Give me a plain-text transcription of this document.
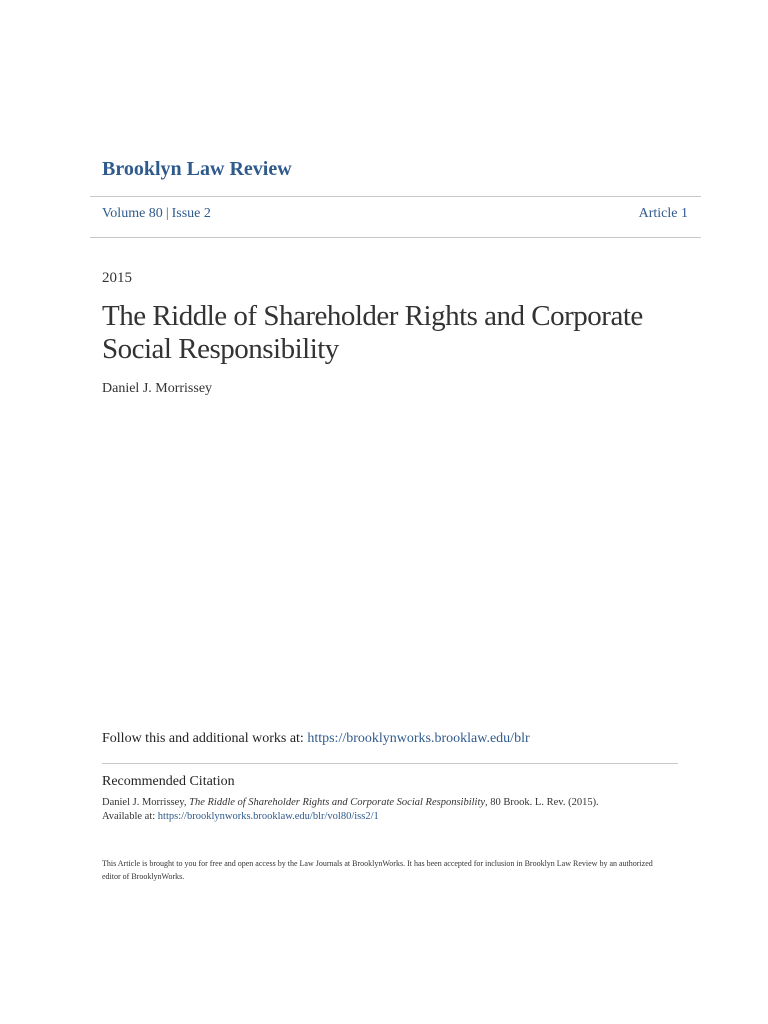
Brooklyn Law Review
Volume 80 | Issue 2	Article 1
2015
The Riddle of Shareholder Rights and Corporate Social Responsibility
Daniel J. Morrissey
Follow this and additional works at: https://brooklynworks.brooklaw.edu/blr
Recommended Citation
Daniel J. Morrissey, The Riddle of Shareholder Rights and Corporate Social Responsibility, 80 Brook. L. Rev. (2015).
Available at: https://brooklynworks.brooklaw.edu/blr/vol80/iss2/1
This Article is brought to you for free and open access by the Law Journals at BrooklynWorks. It has been accepted for inclusion in Brooklyn Law Review by an authorized editor of BrooklynWorks.
